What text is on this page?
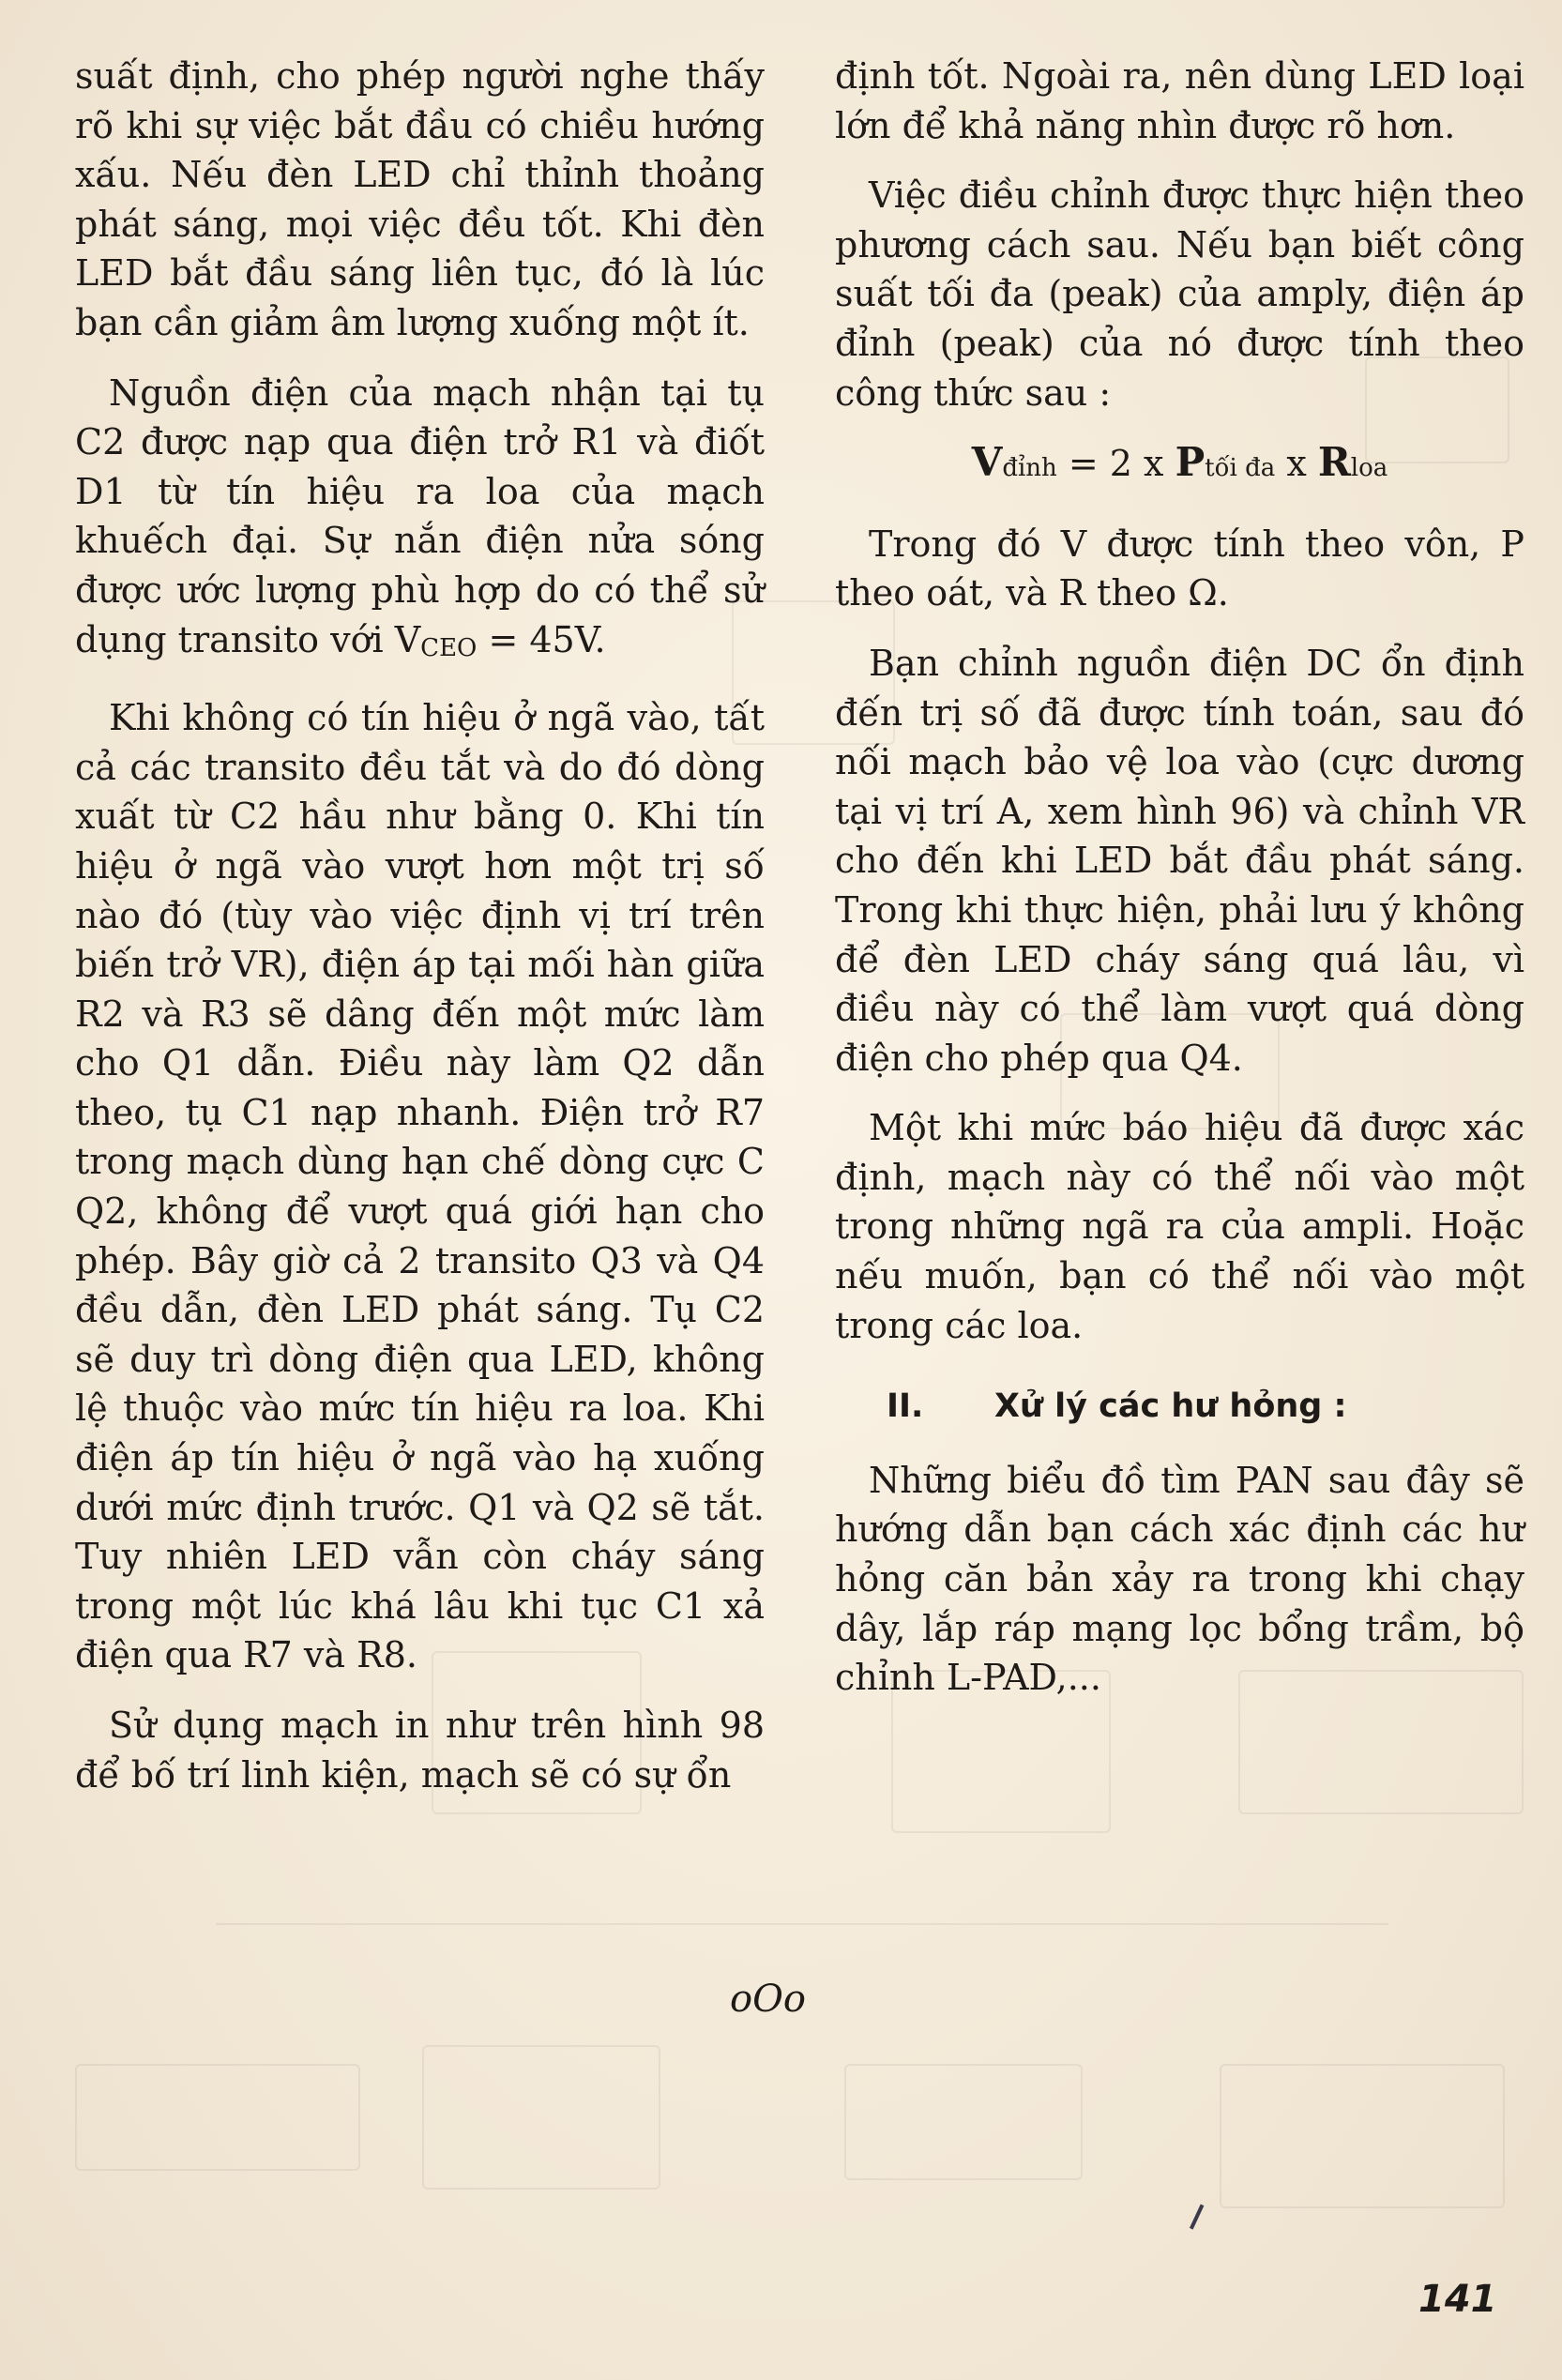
suất định, cho phép người nghe thấy rõ khi sự việc bắt đầu có chiều hướng xấu. Nếu đèn LED chỉ thỉnh thoảng phát sáng, mọi việc đều tốt. Khi đèn LED bắt đầu sáng liên tục, đó là lúc bạn cần giảm âm lượng xuống một ít.

Nguồn điện của mạch nhận tại tụ C2 được nạp qua điện trở R1 và điốt D1 từ tín hiệu ra loa của mạch khuếch đại. Sự nắn điện nửa sóng được ước lượng phù hợp do có thể sử dụng transito với VCEO = 45V.

Khi không có tín hiệu ở ngã vào, tất cả các transito đều tắt và do đó dòng xuất từ C2 hầu như bằng 0. Khi tín hiệu ở ngã vào vượt hơn một trị số nào đó (tùy vào việc định vị trí trên biến trở VR), điện áp tại mối hàn giữa R2 và R3 sẽ dâng đến một mức làm cho Q1 dẫn. Điều này làm Q2 dẫn theo, tụ C1 nạp nhanh. Điện trở R7 trong mạch dùng hạn chế dòng cực C Q2, không để vượt quá giới hạn cho phép. Bây giờ cả 2 transito Q3 và Q4 đều dẫn, đèn LED phát sáng. Tụ C2 sẽ duy trì dòng điện qua LED, không lệ thuộc vào mức tín hiệu ra loa. Khi điện áp tín hiệu ở ngã vào hạ xuống dưới mức định trước. Q1 và Q2 sẽ tắt. Tuy nhiên LED vẫn còn cháy sáng trong một lúc khá lâu khi tục C1 xả điện qua R7 và R8.

Sử dụng mạch in như trên hình 98 để bố trí linh kiện, mạch sẽ có sự ổn

định tốt. Ngoài ra, nên dùng LED loại lớn để khả năng nhìn được rõ hơn.

Việc điều chỉnh được thực hiện theo phương cách sau. Nếu bạn biết công suất tối đa (peak) của amply, điện áp đỉnh (peak) của nó được tính theo công thức sau :

Vđỉnh = 2 x Ptối đa x Rloa

Trong đó V được tính theo vôn, P theo oát, và R theo Ω.

Bạn chỉnh nguồn điện DC ổn định đến trị số đã được tính toán, sau đó nối mạch bảo vệ loa vào (cực dương tại vị trí A, xem hình 96) và chỉnh VR cho đến khi LED bắt đầu phát sáng. Trong khi thực hiện, phải lưu ý không để đèn LED cháy sáng quá lâu, vì điều này có thể làm vượt quá dòng điện cho phép qua Q4.

Một khi mức báo hiệu đã được xác định, mạch này có thể nối vào một trong những ngã ra của ampli. Hoặc nếu muốn, bạn có thể nối vào một trong các loa.

II. Xử lý các hư hỏng :

Những biểu đồ tìm PAN sau đây sẽ hướng dẫn bạn cách xác định các hư hỏng căn bản xảy ra trong khi chạy dây, lắp ráp mạng lọc bổng trầm, bộ chỉnh L-PAD,...

oOo
141
